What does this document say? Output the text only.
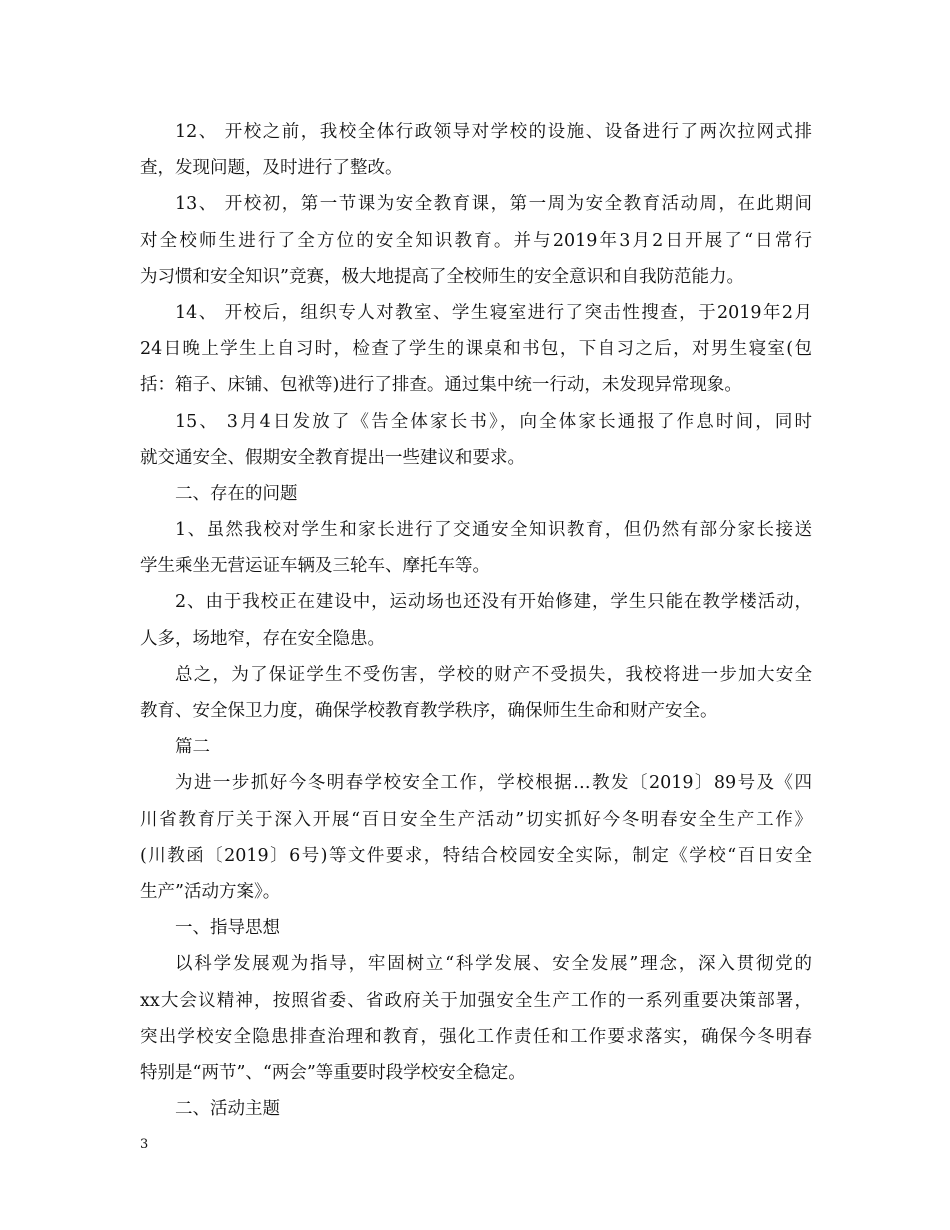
12、 开校之前，我校全体行政领导对学校的设施、设备进行了两次拉网式排
查，发现问题，及时进行了整改。
13、 开校初，第一节课为安全教育课，第一周为安全教育活动周，在此期间
对全校师生进行了全方位的安全知识教育。并与2019年3月2日开展了“日常行
为习惯和安全知识”竞赛，极大地提高了全校师生的安全意识和自我防范能力。
14、 开校后，组织专人对教室、学生寝室进行了突击性搜查，于2019年2月
24日晚上学生上自习时，检查了学生的课桌和书包，下自习之后，对男生寝室(包
括：箱子、床铺、包袱等)进行了排查。通过集中统一行动，未发现异常现象。
15、 3月4日发放了《告全体家长书》，向全体家长通报了作息时间，同时
就交通安全、假期安全教育提出一些建议和要求。
二、存在的问题
1、虽然我校对学生和家长进行了交通安全知识教育，但仍然有部分家长接送
学生乘坐无营运证车辆及三轮车、摩托车等。
2、由于我校正在建设中，运动场也还没有开始修建，学生只能在教学楼活动，
人多，场地窄，存在安全隐患。
总之，为了保证学生不受伤害，学校的财产不受损失，我校将进一步加大安全
教育、安全保卫力度，确保学校教育教学秩序，确保师生生命和财产安全。
篇二
为进一步抓好今冬明春学校安全工作，学校根据…教发〔2019〕89号及《四
川省教育厅关于深入开展“百日安全生产活动”切实抓好今冬明春安全生产工作》
(川教函〔2019〕6号)等文件要求，特结合校园安全实际，制定《学校“百日安全
生产”活动方案》。
一、指导思想
以科学发展观为指导，牢固树立“科学发展、安全发展”理念，深入贯彻党的
xx大会议精神，按照省委、省政府关于加强安全生产工作的一系列重要决策部署，
突出学校安全隐患排查治理和教育，强化工作责任和工作要求落实，确保今冬明春
特别是“两节”、“两会”等重要时段学校安全稳定。
二、活动主题
3
